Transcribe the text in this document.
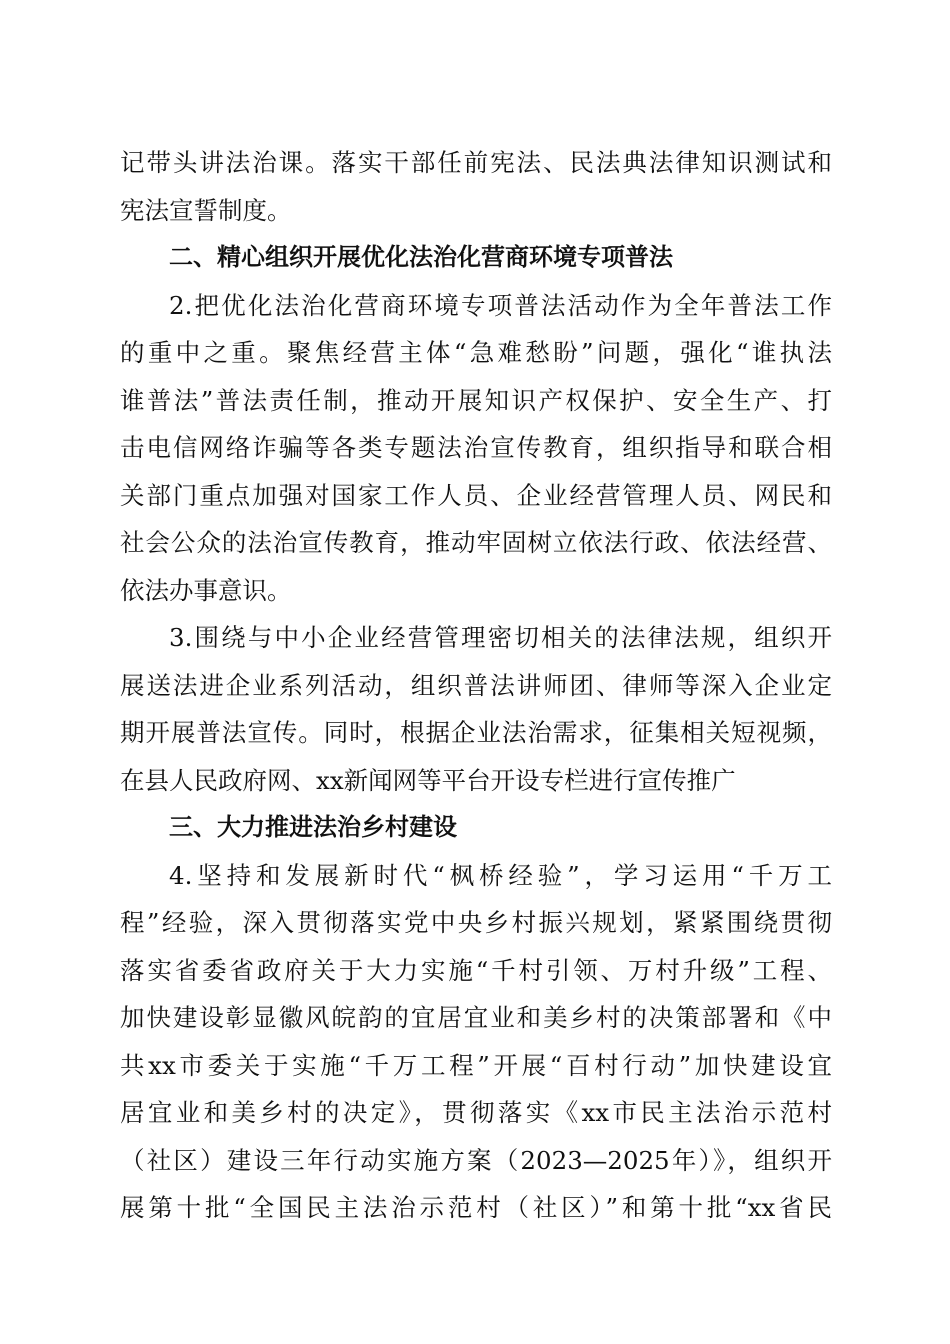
记带头讲法治课。落实干部任前宪法、民法典法律知识测试和
宪法宣誓制度。
二、精心组织开展优化法治化营商环境专项普法
2.把优化法治化营商环境专项普法活动作为全年普法工作
的重中之重。聚焦经营主体“急难愁盼”问题，强化“谁执法
谁普法”普法责任制，推动开展知识产权保护、安全生产、打
击电信网络诈骗等各类专题法治宣传教育，组织指导和联合相
关部门重点加强对国家工作人员、企业经营管理人员、网民和
社会公众的法治宣传教育，推动牢固树立依法行政、依法经营、
依法办事意识。
3.围绕与中小企业经营管理密切相关的法律法规，组织开
展送法进企业系列活动，组织普法讲师团、律师等深入企业定
期开展普法宣传。同时，根据企业法治需求，征集相关短视频，
在县人民政府网、xx新闻网等平台开设专栏进行宣传推广
三、大力推进法治乡村建设
4.坚持和发展新时代“枫桥经验”，学习运用“千万工
程”经验，深入贯彻落实党中央乡村振兴规划，紧紧围绕贯彻
落实省委省政府关于大力实施“千村引领、万村升级”工程、
加快建设彰显徽风皖韵的宜居宜业和美乡村的决策部署和《中
共xx市委关于实施“千万工程”开展“百村行动”加快建设宜
居宜业和美乡村的决定》，贯彻落实《xx市民主法治示范村
（社区）建设三年行动实施方案（2023—2025年）》，组织开
展第十批“全国民主法治示范村（社区）”和第十批“xx省民
